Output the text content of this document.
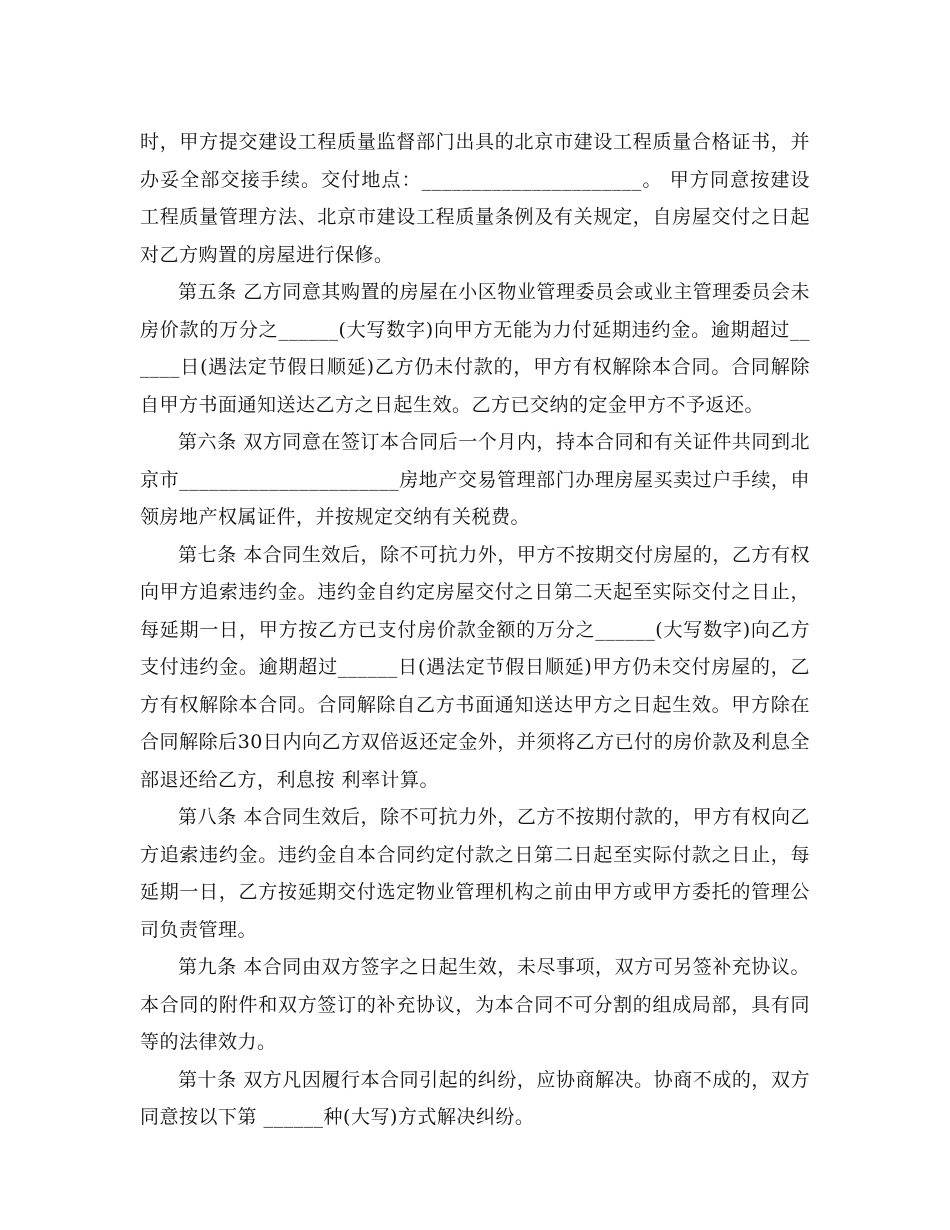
时，甲方提交建设工程质量监督部门出具的北京市建设工程质量合格证书，并办妥全部交接手续。交付地点：______________________。 甲方同意按建设工程质量管理方法、北京市建设工程质量条例及有关规定，自房屋交付之日起对乙方购置的房屋进行保修。

第五条 乙方同意其购置的房屋在小区物业管理委员会或业主管理委员会未房价款的万分之______(大写数字)向甲方无能为力付延期违约金。逾期超过______日(遇法定节假日顺延)乙方仍未付款的，甲方有权解除本合同。合同解除自甲方书面通知送达乙方之日起生效。乙方已交纳的定金甲方不予返还。

第六条 双方同意在签订本合同后一个月内，持本合同和有关证件共同到北京市______________________房地产交易管理部门办理房屋买卖过户手续，申领房地产权属证件，并按规定交纳有关税费。

第七条 本合同生效后，除不可抗力外，甲方不按期交付房屋的，乙方有权向甲方追索违约金。违约金自约定房屋交付之日第二天起至实际交付之日止，每延期一日，甲方按乙方已支付房价款金额的万分之______(大写数字)向乙方支付违约金。逾期超过______日(遇法定节假日顺延)甲方仍未交付房屋的，乙方有权解除本合同。合同解除自乙方书面通知送达甲方之日起生效。甲方除在合同解除后30日内向乙方双倍返还定金外，并须将乙方已付的房价款及利息全部退还给乙方，利息按 利率计算。

第八条 本合同生效后，除不可抗力外，乙方不按期付款的，甲方有权向乙方追索违约金。违约金自本合同约定付款之日第二日起至实际付款之日止，每延期一日，乙方按延期交付选定物业管理机构之前由甲方或甲方委托的管理公司负责管理。

第九条 本合同由双方签字之日起生效，未尽事项，双方可另签补充协议。本合同的附件和双方签订的补充协议，为本合同不可分割的组成局部，具有同等的法律效力。

第十条 双方凡因履行本合同引起的纠纷，应协商解决。协商不成的，双方同意按以下第 ______种(大写)方式解决纠纷。
